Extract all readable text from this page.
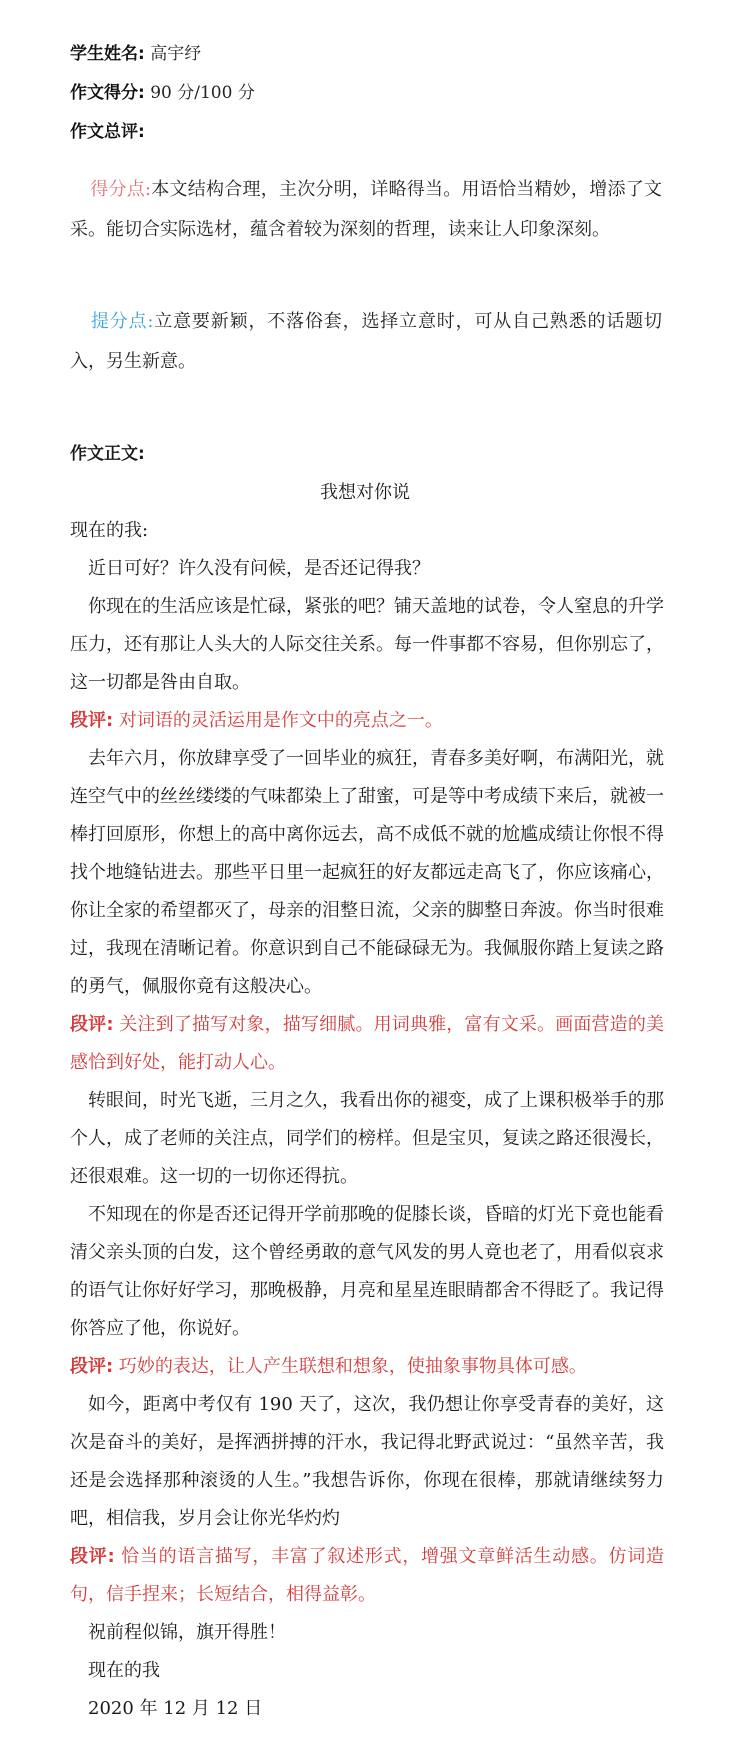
学生姓名: 高宇纾
作文得分: 90 分/100 分
作文总评:
得分点:本文结构合理，主次分明，详略得当。用语恰当精妙，增添了文采。能切合实际选材，蕴含着较为深刻的哲理，读来让人印象深刻。
提分点:立意要新颖，不落俗套，选择立意时，可从自己熟悉的话题切入，另生新意。
作文正文:
我想对你说

现在的我:

近日可好？许久没有问候，是否还记得我？

你现在的生活应该是忙碌，紧张的吧？铺天盖地的试卷，令人窒息的升学压力，还有那让人头大的人际交往关系。每一件事都不容易，但你别忘了，这一切都是咎由自取。

段评: 对词语的灵活运用是作文中的亮点之一。

去年六月，你放肆享受了一回毕业的疯狂，青春多美好啊，布满阳光，就连空气中的丝丝缕缕的气味都染上了甜蜜，可是等中考成绩下来后，就被一棒打回原形，你想上的高中离你远去，高不成低不就的尬尴成绩让你恨不得找个地缝钻进去。那些平日里一起疯狂的好友都远走高飞了，你应该痛心，你让全家的希望都灭了，母亲的泪整日流，父亲的脚整日奔波。你当时很难过，我现在清晰记着。你意识到自己不能碌碌无为。我佩服你踏上复读之路的勇气，佩服你竟有这般决心。

段评: 关注到了描写对象，描写细腻。用词典雅，富有文采。画面营造的美感恰到好处，能打动人心。

转眼间，时光飞逝，三月之久，我看出你的褪变，成了上课积极举手的那个人，成了老师的关注点，同学们的榜样。但是宝贝，复读之路还很漫长，还很艰难。这一切的一切你还得抗。

不知现在的你是否还记得开学前那晚的促膝长谈，昏暗的灯光下竟也能看清父亲头顶的白发，这个曾经勇敢的意气风发的男人竟也老了，用看似哀求的语气让你好好学习，那晚极静，月亮和星星连眼睛都舍不得眨了。我记得你答应了他，你说好。

段评: 巧妙的表达，让人产生联想和想象，使抽象事物具体可感。

如今，距离中考仅有 190 天了，这次，我仍想让你享受青春的美好，这次是奋斗的美好，是挥洒拼搏的汗水，我记得北野武说过：“虽然辛苦，我还是会选择那种滚烫的人生。”我想告诉你，你现在很棒，那就请继续努力吧，相信我，岁月会让你光华灼灼

段评: 恰当的语言描写，丰富了叙述形式，增强文章鲜活生动感。仿词造句，信手捏来；长短结合，相得益彰。

祝前程似锦，旗开得胜！

现在的我

2020 年 12 月 12 日
